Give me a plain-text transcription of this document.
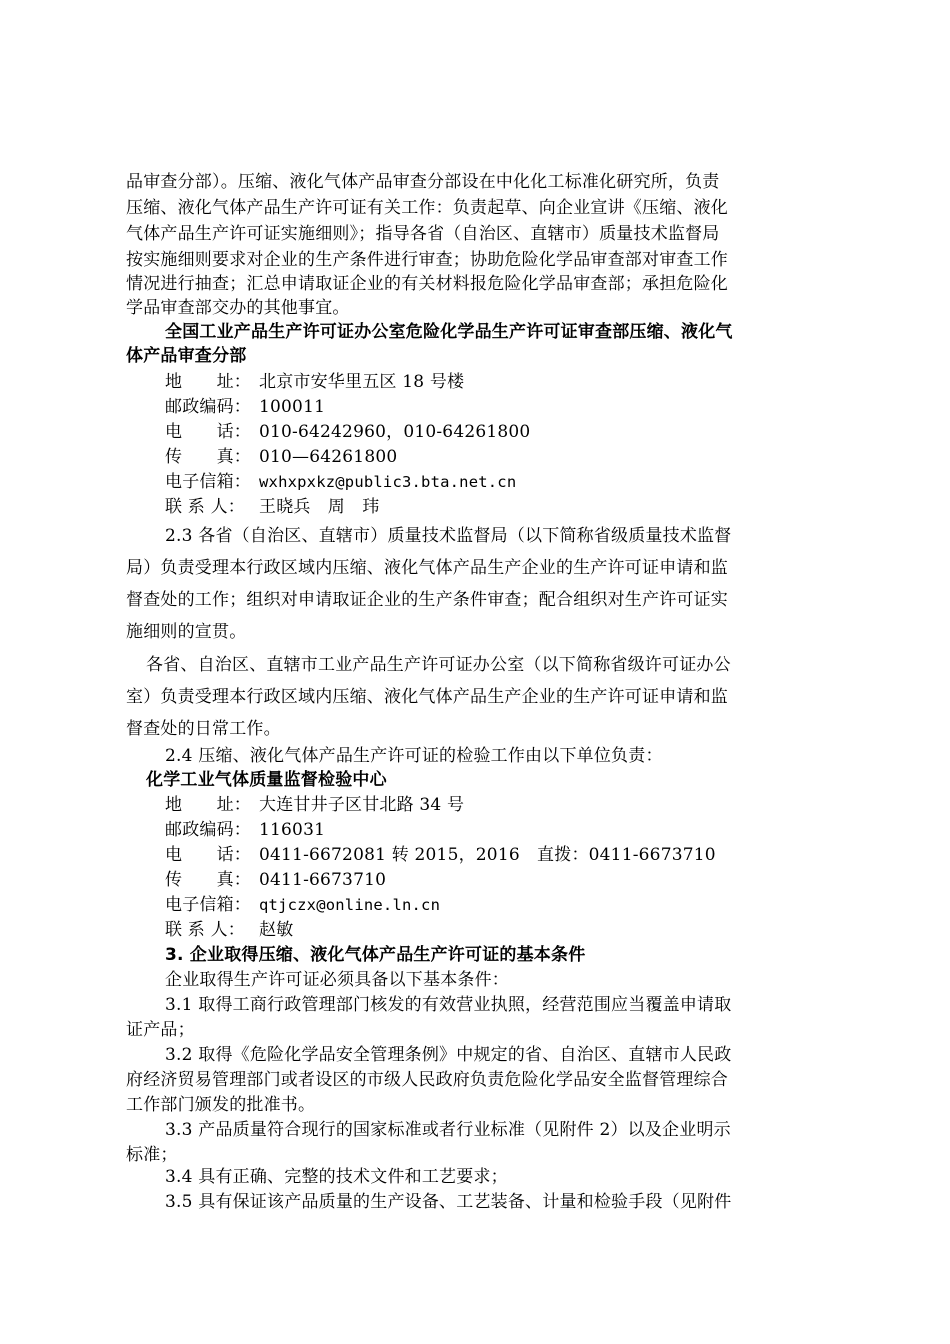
品审查分部）。压缩、液化气体产品审查分部设在中化化工标准化研究所，负责
压缩、液化气体产品生产许可证有关工作：负责起草、向企业宣讲《压缩、液化
气体产品生产许可证实施细则》；指导各省（自治区、直辖市）质量技术监督局
按实施细则要求对企业的生产条件进行审查；协助危险化学品审查部对审查工作
情况进行抽查；汇总申请取证企业的有关材料报危险化学品审查部；承担危险化
学品审查部交办的其他事宜。
全国工业产品生产许可证办公室危险化学品生产许可证审查部压缩、液化气
体产品审查分部
地　　址： 北京市安华里五区 18 号楼
邮政编码： 100011
电　　话： 010-64242960，010-64261800
传　　真： 010—64261800
电子信箱： wxhxpxkz@public3.bta.net.cn
联 系 人： 王晓兵　周　玮
2.3 各省（自治区、直辖市）质量技术监督局（以下简称省级质量技术监督
局）负责受理本行政区域内压缩、液化气体产品生产企业的生产许可证申请和监
督查处的工作；组织对申请取证企业的生产条件审查；配合组织对生产许可证实
施细则的宣贯。
各省、自治区、直辖市工业产品生产许可证办公室（以下简称省级许可证办公
室）负责受理本行政区域内压缩、液化气体产品生产企业的生产许可证申请和监
督查处的日常工作。
2.4 压缩、液化气体产品生产许可证的检验工作由以下单位负责：
化学工业气体质量监督检验中心
地　　址： 大连甘井子区甘北路 34 号
邮政编码： 116031
电　　话： 0411-6672081 转 2015，2016　直拨：0411-6673710
传　　真： 0411-6673710
电子信箱： qtjczx@online.ln.cn
联 系 人： 赵敏
3. 企业取得压缩、液化气体产品生产许可证的基本条件
企业取得生产许可证必须具备以下基本条件：
3.1 取得工商行政管理部门核发的有效营业执照，经营范围应当覆盖申请取
证产品；
3.2 取得《危险化学品安全管理条例》中规定的省、自治区、直辖市人民政
府经济贸易管理部门或者设区的市级人民政府负责危险化学品安全监督管理综合
工作部门颁发的批准书。
3.3 产品质量符合现行的国家标准或者行业标准（见附件 2）以及企业明示
标准；
3.4 具有正确、完整的技术文件和工艺要求；
3.5 具有保证该产品质量的生产设备、工艺装备、计量和检验手段（见附件
